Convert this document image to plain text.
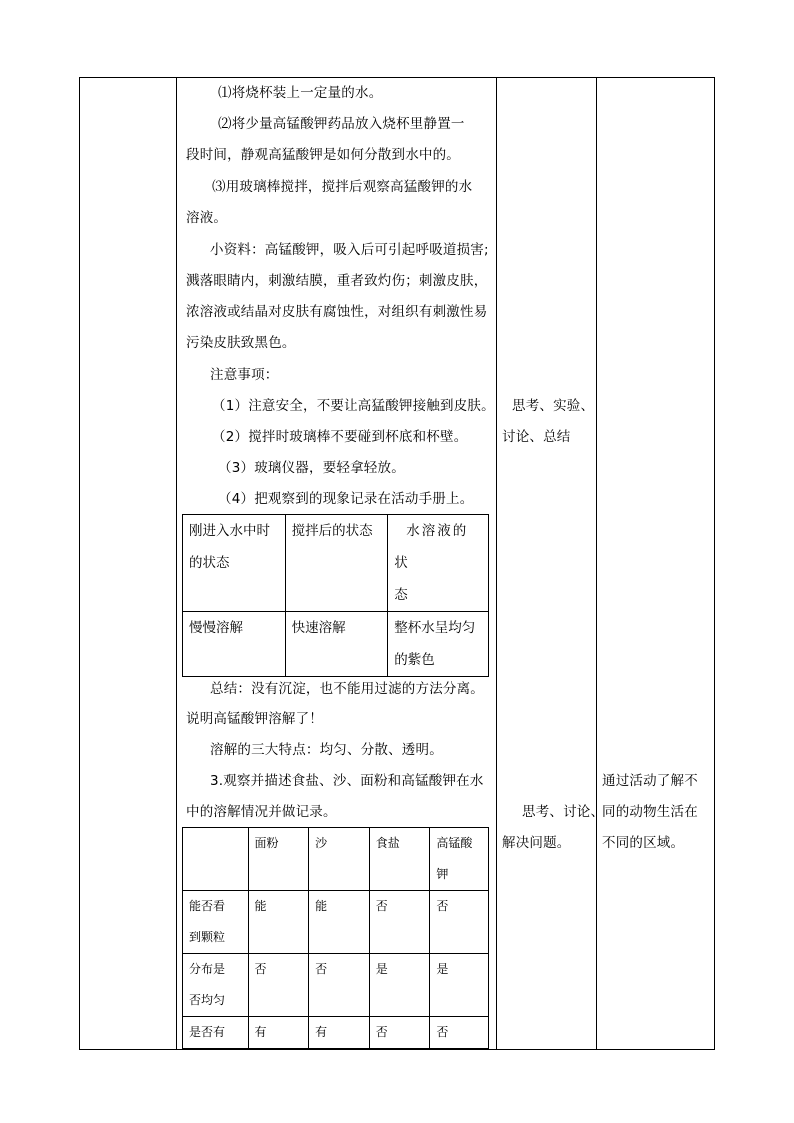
⑴将烧杯装上一定量的水。
⑵将少量高锰酸钾药品放入烧杯里静置一
段时间，静观高猛酸钾是如何分散到水中的。
⑶用玻璃棒搅拌，搅拌后观察高猛酸钾的水
溶液。
小资料：高锰酸钾，吸入后可引起呼吸道损害;
溅落眼睛内，刺激结膜，重者致灼伤；刺激皮肤，
浓溶液或结晶对皮肤有腐蚀性，对组织有刺激性易
污染皮肤致黑色。
注意事项：
（1）注意安全，不要让高猛酸钾接触到皮肤。
（2）搅拌时玻璃棒不要碰到杯底和杯壁。
（3）玻璃仪器，要轻拿轻放。
（4）把观察到的现象记录在活动手册上。
刚进入水中时
的状态	搅拌后的状态	水溶液的状
态
慢慢溶解	快速溶解	整杯水呈均匀
的紫色
总结：没有沉淀，也不能用过滤的方法分离。
说明高锰酸钾溶解了！
溶解的三大特点：均匀、分散、透明。
3.观察并描述食盐、沙、面粉和高锰酸钾在水
中的溶解情况并做记录。
	面粉	沙	食盐	高锰酸
钾
能否看
到颗粒	能	能	否	否
分布是
否均匀	否	否	是	是
是否有	有	有	否	否
思考、实验、
讨论、总结
思考、讨论、
解决问题。
通过活动了解不
同的动物生活在
不同的区域。
